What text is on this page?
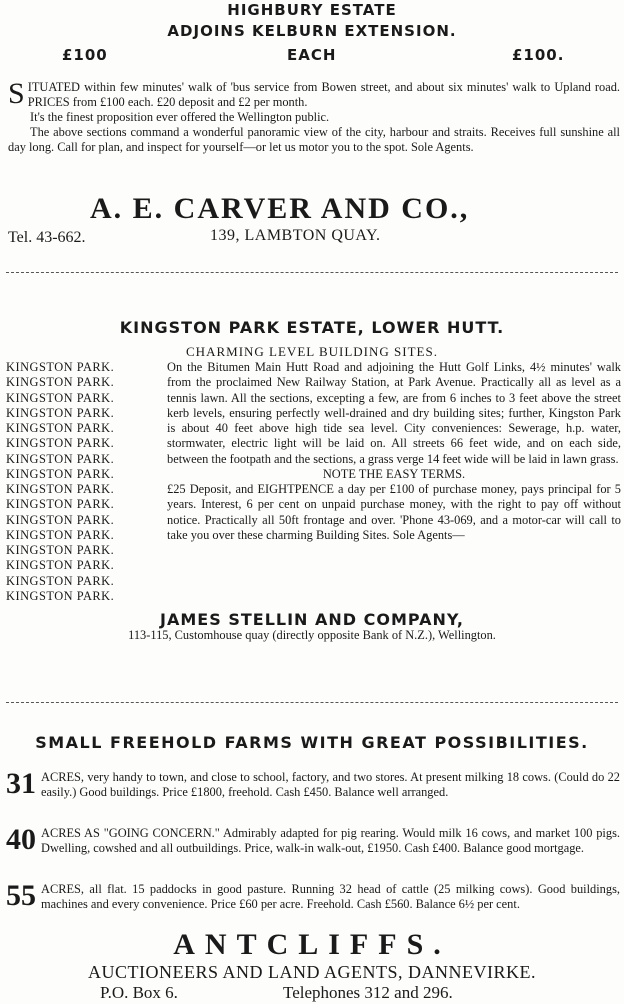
HIGHBURY ESTATE
ADJOINS KELBURN EXTENSION.
£100	EACH	£100.
SITUATED within few minutes' walk of 'bus service from Bowen street, and about six minutes' walk to Upland road. PRICES from £100 each. £20 deposit and £2 per month.
It's the finest proposition ever offered the Wellington public.
The above sections command a wonderful panoramic view of the city, harbour and straits. Receives full sunshine all day long. Call for plan, and inspect for yourself—or let us motor you to the spot. Sole Agents.
A. E. CARVER AND CO.,
Tel. 43-662.	139, LAMBTON QUAY.
KINGSTON PARK ESTATE, LOWER HUTT.
CHARMING LEVEL BUILDING SITES.
KINGSTON PARK.
KINGSTON PARK.
KINGSTON PARK.
KINGSTON PARK.
KINGSTON PARK.
KINGSTON PARK.
KINGSTON PARK.
KINGSTON PARK.
KINGSTON PARK.
KINGSTON PARK.
KINGSTON PARK.
KINGSTON PARK.
KINGSTON PARK.
KINGSTON PARK.
KINGSTON PARK.
KINGSTON PARK.
On the Bitumen Main Hutt Road and adjoining the Hutt Golf Links, 4½ minutes' walk from the proclaimed New Railway Station, at Park Avenue. Practically all as level as a tennis lawn. All the sections, excepting a few, are from 6 inches to 3 feet above the street kerb levels, ensuring perfectly well-drained and dry building sites; further, Kingston Park is about 40 feet above high tide sea level. City conveniences: Sewerage, h.p. water, stormwater, electric light will be laid on. All streets 66 feet wide, and on each side, between the footpath and the sections, a grass verge 14 feet wide will be laid in lawn grass.
NOTE THE EASY TERMS.
£25 Deposit, and EIGHTPENCE a day per £100 of purchase money, pays principal for 5 years. Interest, 6 per cent on unpaid purchase money, with the right to pay off without notice. Practically all 50ft frontage and over. 'Phone 43-069, and a motor-car will call to take you over these charming Building Sites. Sole Agents—
JAMES STELLIN AND COMPANY,
113-115, Customhouse quay (directly opposite Bank of N.Z.), Wellington.
SMALL FREEHOLD FARMS WITH GREAT POSSIBILITIES.
31 ACRES, very handy to town, and close to school, factory, and two stores. At present milking 18 cows. (Could do 22 easily.) Good buildings. Price £1800, freehold. Cash £450. Balance well arranged.
40 ACRES AS "GOING CONCERN." Admirably adapted for pig rearing. Would milk 16 cows, and market 100 pigs. Dwelling, cowshed and all outbuildings. Price, walk-in walk-out, £1950. Cash £400. Balance good mortgage.
55 ACRES, all flat. 15 paddocks in good pasture. Running 32 head of cattle (25 milking cows). Good buildings, machines and every convenience. Price £60 per acre. Freehold. Cash £560. Balance 6½ per cent.
ANTCLIFFS.
AUCTIONEERS AND LAND AGENTS, DANNEVIRKE.
P.O. Box 6.	Telephones 312 and 296.
